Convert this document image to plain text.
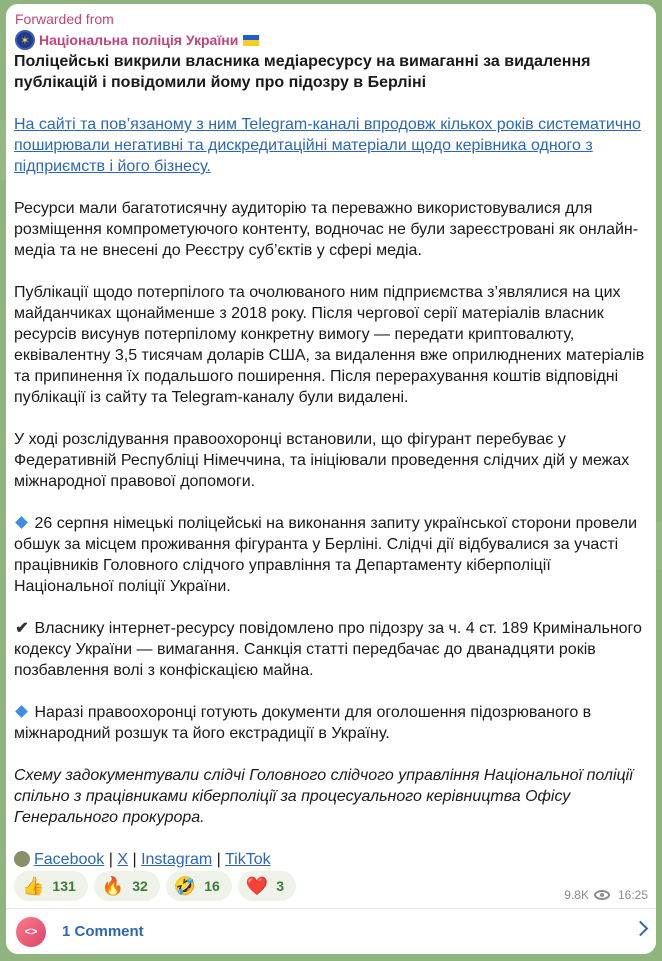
Forwarded from
✶ Національна поліція України

Поліцейські викрили власника медіаресурсу на вимаганні за видалення публікацій і повідомили йому про підозру в Берліні

На сайті та пов’язаному з ним Telegram-каналі впродовж кількох років систематично поширювали негативні та дискредитаційні матеріали щодо керівника одного з підприємств і його бізнесу.

Ресурси мали багатотисячну аудиторію та переважно використовувалися для розміщення компрометуючого контенту, водночас не були зареєстровані як онлайн-медіа та не внесені до Реєстру суб’єктів у сфері медіа.

Публікації щодо потерпілого та очолюваного ним підприємства з’являлися на цих майданчиках щонайменше з 2018 року. Після чергової серії матеріалів власник ресурсів висунув потерпілому конкретну вимогу — передати криптовалюту, еквівалентну 3,5 тисячам доларів США, за видалення вже оприлюднених матеріалів та припинення їх подальшого поширення. Після перерахування коштів відповідні публікації із сайту та Telegram-каналу були видалені.

У ході розслідування правоохоронці встановили, що фігурант перебуває у Федеративній Республіці Німеччина, та ініціювали проведення слідчих дій у межах міжнародної правової допомоги.

26 серпня німецькі поліцейські на виконання запиту української сторони провели обшук за місцем проживання фігуранта у Берліні. Слідчі дії відбувалися за участі працівників Головного слідчого управління та Департаменту кіберполіції Національної поліції України.

✔ Власнику інтернет-ресурсу повідомлено про підозру за ч. 4 ст. 189 Кримінального кодексу України — вимагання. Санкція статті передбачає до дванадцяти років позбавлення волі з конфіскацією майна.

Наразі правоохоронці готують документи для оголошення підозрюваного в міжнародний розшук та його екстрадиції в Україну.

Схему задокументували слідчі Головного слідчого управління Національної поліції спільно з працівниками кіберполіції за процесуального керівництва Офісу Генерального прокурора.

Facebook | X | Instagram | TikTok

👍 131 🔥 32 🤣 16 ❤️ 3
9.8K 16:25
<>	1 Comment
